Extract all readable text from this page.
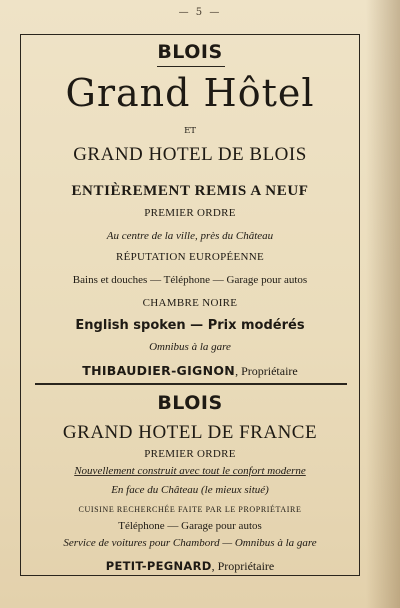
— 5 —
BLOIS
Grand Hôtel
ET
GRAND HOTEL DE BLOIS
ENTIÈREMENT REMIS A NEUF
PREMIER ORDRE
Au centre de la ville, près du Château
RÉPUTATION EUROPÉENNE
Bains et douches — Téléphone — Garage pour autos
CHAMBRE NOIRE
English spoken — Prix modérés
Omnibus à la gare
THIBAUDIER-GIGNON, Propriétaire
BLOIS
GRAND HOTEL DE FRANCE
PREMIER ORDRE
Nouvellement construit avec tout le confort moderne
En face du Château (le mieux situé)
CUISINE RECHERCHÉE FAITE PAR LE PROPRIÉTAIRE
Téléphone — Garage pour autos
Service de voitures pour Chambord — Omnibus à la gare
PETIT-PEGNARD, Propriétaire
